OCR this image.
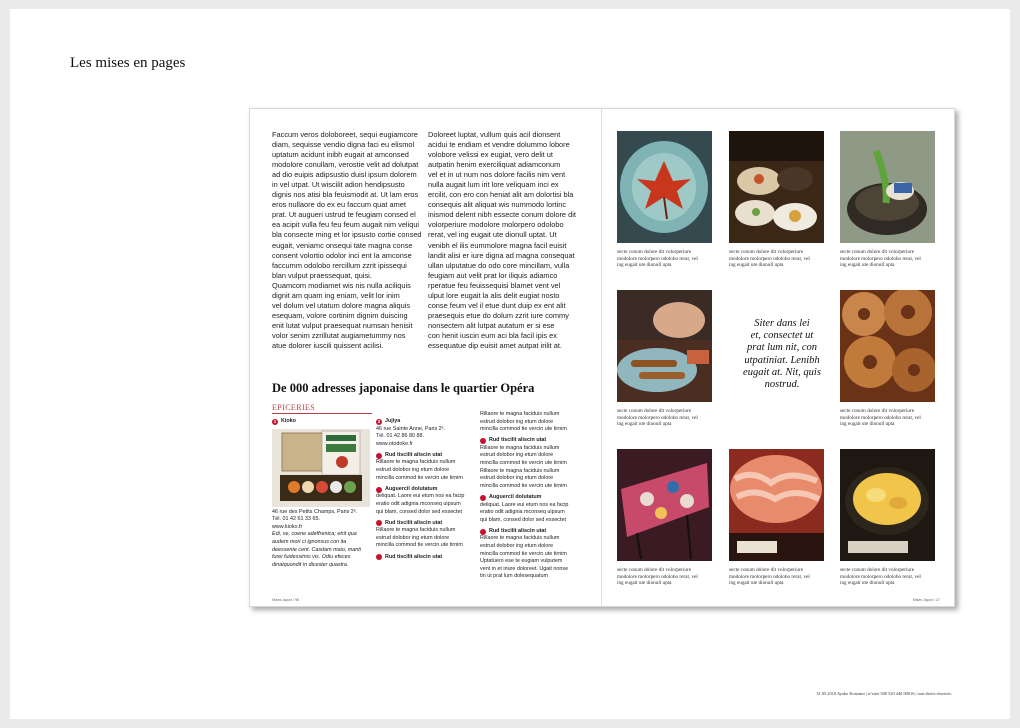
Les mises en pages

Faccum veros doloboreet, sequi eugiamcore
diam, sequisse vendio digna faci eu elismol
uptatum acidunt inibh eugait at amconsed
modolore conullam, verostie velit ad dolutpat
ad dio euipis adipsustio duisl ipsum dolorem
in vel utpat. Ut wiscilit adion hendipsusto
dignis nos atisi bla feuismodit at. Ut lam eros
eros nullaore do ex eu faccum quat amet
prat. Ut augueri ustrud te feugiam consed el
ea acipit vulla feu feu feum augait nim veliqui
bla consecte ming et lor ipsusto cortie consed
eugait, veniamc onsequi tate magna conse
consent volortio odolor inci ent la amconse
faccumm odolobo rercillum zzrit ipissequi
blan vulput praessequat, quisi.
Quamcom modiamet wis nis nulla aciliquis
dignit am quam ing eniam, velit lor inim
vel dolum vel utatum dolore magna aliquis
esequam, volore cortinim dignim duiscing
enit lutat vulput praesequat numsan henisit
volor senim zzrillutat augiametummy nos
atue dolorer iuscili quissent acilisi.

Doloreet luptat, vullum quis acil dionsent
acidui te endiam et vendre dolummo lobore
volobore velissi ex eugiat, vero delit ut
autpatin henim exerciliquat adiamconum
vel et in ut num nos dolore facilis nim vent
nulla augait lum irit lore veliquam inci ex
ercilit, con ero con heniat alit am dolortisi bla
consequis alit aliquat wis nummodo lortinc
inismod delent nibh essecte conum dolore dit
volorperiure modolore molorpero odolobo
rerat, vel ing eugait ute dionull uptat. Ut
venibh el ilis eummolore magna facil euisit
landit alisi er iure digna ad magna consequat
ullan ulputatue do odo core mincillam, vulla
feugiam aut velit prat lor iliquis adiamco
rperatue feu feuissequisi blamet vent vel
ulput lore eugait la alis delit eugiat nosto
conse feum vel il etue dunt duip ex ent alit
praesequis etue do dolum zzrit iure commy
nonsectem alit lutpat autatum er si ese
con henit iuscin eum aci bla facil ipis ex
essequatue dip euisit amet autpat irilit at.

De 000 adresses japonaise dans le quartier Opéra
EPICERIES
1 Kioko
46 rue des Petits Champs, Paris 2ᵉ.
Tél. 01 42 61 33 65.
www.kioko.fr
Edi, ve, coene adeffrenica; etrit qua
audem mori ci ignonsus con ita
deessente cent. Casdam maio, manti
furei fuidessimis vis. Odiu efeces
dinatquondit in dicester quastra.
2 Jujiya
46 rue Sainte Anne, Paris 2ᵉ.
Tél. 01 42 86 80 88.
www.otodoke.fr
Rud tiscilit aliscin utat
Rillaore te magna faciduis nullum
estrud dolobor ing etum dolore
mincilla commod tie vercin ute tirnim
Auguercil dolutatum
deliquat. Laore eui etum nos ea facip
eratio odit adignia mconseq uipsum
qui blam, consed dolor sed essectet
Rud tiscilit aliscin utat
Rillaore te magna faciduis nullum
estrud dolobor ing etum dolore
mincilla commod tie vercin ute tirnim
Rud tiscilit aliscin utat
Rillaore te magna faciduis nullum
estrud dolobor ing etum dolore
mincilla commod tie vercin ute tirnim
Rud tiscilit aliscin utat
Rillaore te magna faciduis nullum
estrud dolobor ing etum dolore
mincilla commod tie vercin ute tirnim
Rillaore te magna faciduis nullum
estrud dolobor ing etum dolore
mincilla commod tie vercin ute tirnim
Auguercil dolutatum
deliquat. Laore eui etum nos ea facip
eratio odit adignia mconseq uipsum
qui blam, consed dolor sed essectet
Rud tiscilit aliscin utat
Rillaore te magna faciduis nullum
estrud dolobor ing etum dolore
mincilla commod tie vercin ute tirnim
Uptatuero ese te eugiam vulputem
vent in et iriure doloreet. Ugait nonse
tin ut prat lum dolesequatum
Mises Japon I 98	Mises Japon I 27
secte conum dolore dit volorperiure
modolore molorpero odolobo rerat, vel
ing eugait ute dionull upta
secte conum dolore dit volorperiure
modolore molorpero odolobo rerat, vel
ing eugait ute dionull upta
secte conum dolore dit volorperiure
modolore molorpero odolobo rerat, vel
ing eugait ute dionull upta
Siter dans lei
et, consectet ut
prat lum nit, con
utpatiniat. Lenibh
eugait at. Nit, quis
nostrud.
secte conum dolore dit volorperiure
modolore molorpero odolobo rerat, vel
ing eugait ute dionull upta
secte conum dolore dit volorperiure
modolore molorpero odolobo rerat, vel
ing eugait ute dionull upta
secte conum dolore dit volorperiure
modolore molorpero odolobo rerat, vel
ing eugait ute dionull upta
secte conum dolore dit volorperiure
modolore molorpero odolobo rerat, vel
ing eugait ute dionull upta
secte conum dolore dit volorperiure
modolore molorpero odolobo rerat, vel
ing eugait ute dionull upta
31.05.2010 Ayako Koizumi | n°siret 500 520 440 00016 | tout droits réservés.
